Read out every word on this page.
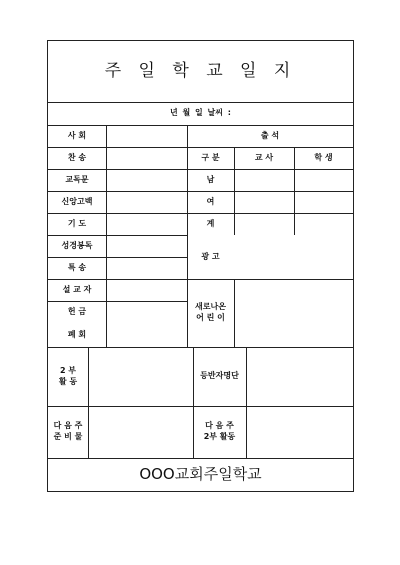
주 일 학 교 일 지
년 월 일 날씨 :
사 회
찬 송
교독문
신앙고백
기 도
성경봉독
특 송
설 교 자
헌 금
폐 회
출 석
구 분	교 사	학 생
남
여
계
광 고
새로나온
어 린 이
2 부
활 동
등반자명단
다 음 주
준 비 물
다 음 주
2부 활동
OOO교회주일학교
